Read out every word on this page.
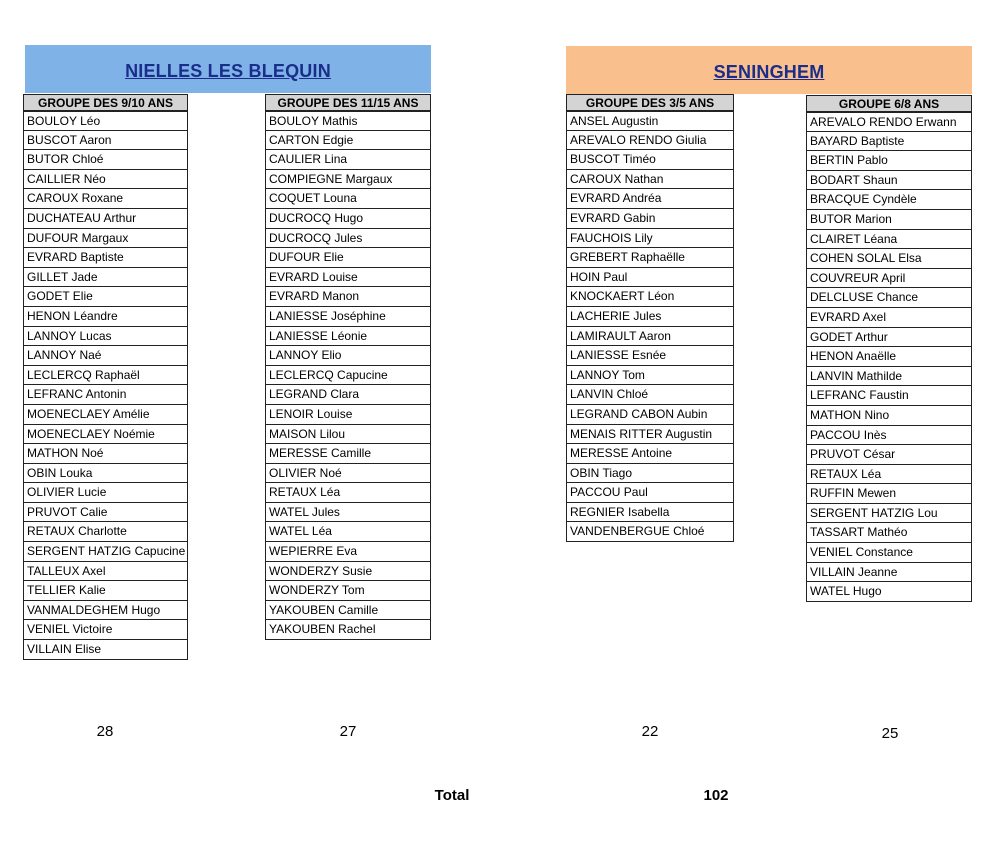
NIELLES LES BLEQUIN	SENINGHEM
GROUPE DES 9/10 ANS
BOULOY Léo
BUSCOT Aaron
BUTOR Chloé
CAILLIER Néo
CAROUX Roxane
DUCHATEAU Arthur
DUFOUR Margaux
EVRARD Baptiste
GILLET Jade
GODET Elie
HENON Léandre
LANNOY Lucas
LANNOY Naé
LECLERCQ Raphaël
LEFRANC Antonin
MOENECLAEY Amélie
MOENECLAEY Noémie
MATHON Noé
OBIN Louka
OLIVIER Lucie
PRUVOT Calie
RETAUX Charlotte
SERGENT HATZIG Capucine
TALLEUX Axel
TELLIER Kalie
VANMALDEGHEM Hugo
VENIEL Victoire
VILLAIN Elise
GROUPE DES 11/15 ANS
BOULOY Mathis
CARTON Edgie
CAULIER Lina
COMPIEGNE Margaux
COQUET Louna
DUCROCQ Hugo
DUCROCQ Jules
DUFOUR Elie
EVRARD Louise
EVRARD Manon
LANIESSE Joséphine
LANIESSE Léonie
LANNOY Elio
LECLERCQ Capucine
LEGRAND Clara
LENOIR Louise
MAISON Lilou
MERESSE Camille
OLIVIER Noé
RETAUX Léa
WATEL Jules
WATEL Léa
WEPIERRE Eva
WONDERZY Susie
WONDERZY Tom
YAKOUBEN Camille
YAKOUBEN Rachel
GROUPE DES 3/5 ANS
ANSEL Augustin
AREVALO RENDO Giulia
BUSCOT Timéo
CAROUX Nathan
EVRARD Andréa
EVRARD Gabin
FAUCHOIS Lily
GREBERT Raphaëlle
HOIN Paul
KNOCKAERT Léon
LACHERIE Jules
LAMIRAULT Aaron
LANIESSE Esnée
LANNOY Tom
LANVIN Chloé
LEGRAND CABON Aubin
MENAIS RITTER Augustin
MERESSE Antoine
OBIN Tiago
PACCOU Paul
REGNIER Isabella
VANDENBERGUE Chloé
GROUPE 6/8 ANS
AREVALO RENDO Erwann
BAYARD Baptiste
BERTIN Pablo
BODART Shaun
BRACQUE Cyndèle
BUTOR Marion
CLAIRET Léana
COHEN SOLAL Elsa
COUVREUR April
DELCLUSE Chance
EVRARD Axel
GODET Arthur
HENON Anaëlle
LANVIN Mathilde
LEFRANC Faustin
MATHON Nino
PACCOU Inès
PRUVOT César
RETAUX Léa
RUFFIN Mewen
SERGENT HATZIG Lou
TASSART Mathéo
VENIEL Constance
VILLAIN Jeanne
WATEL Hugo
28	27	22	25
Total	102
